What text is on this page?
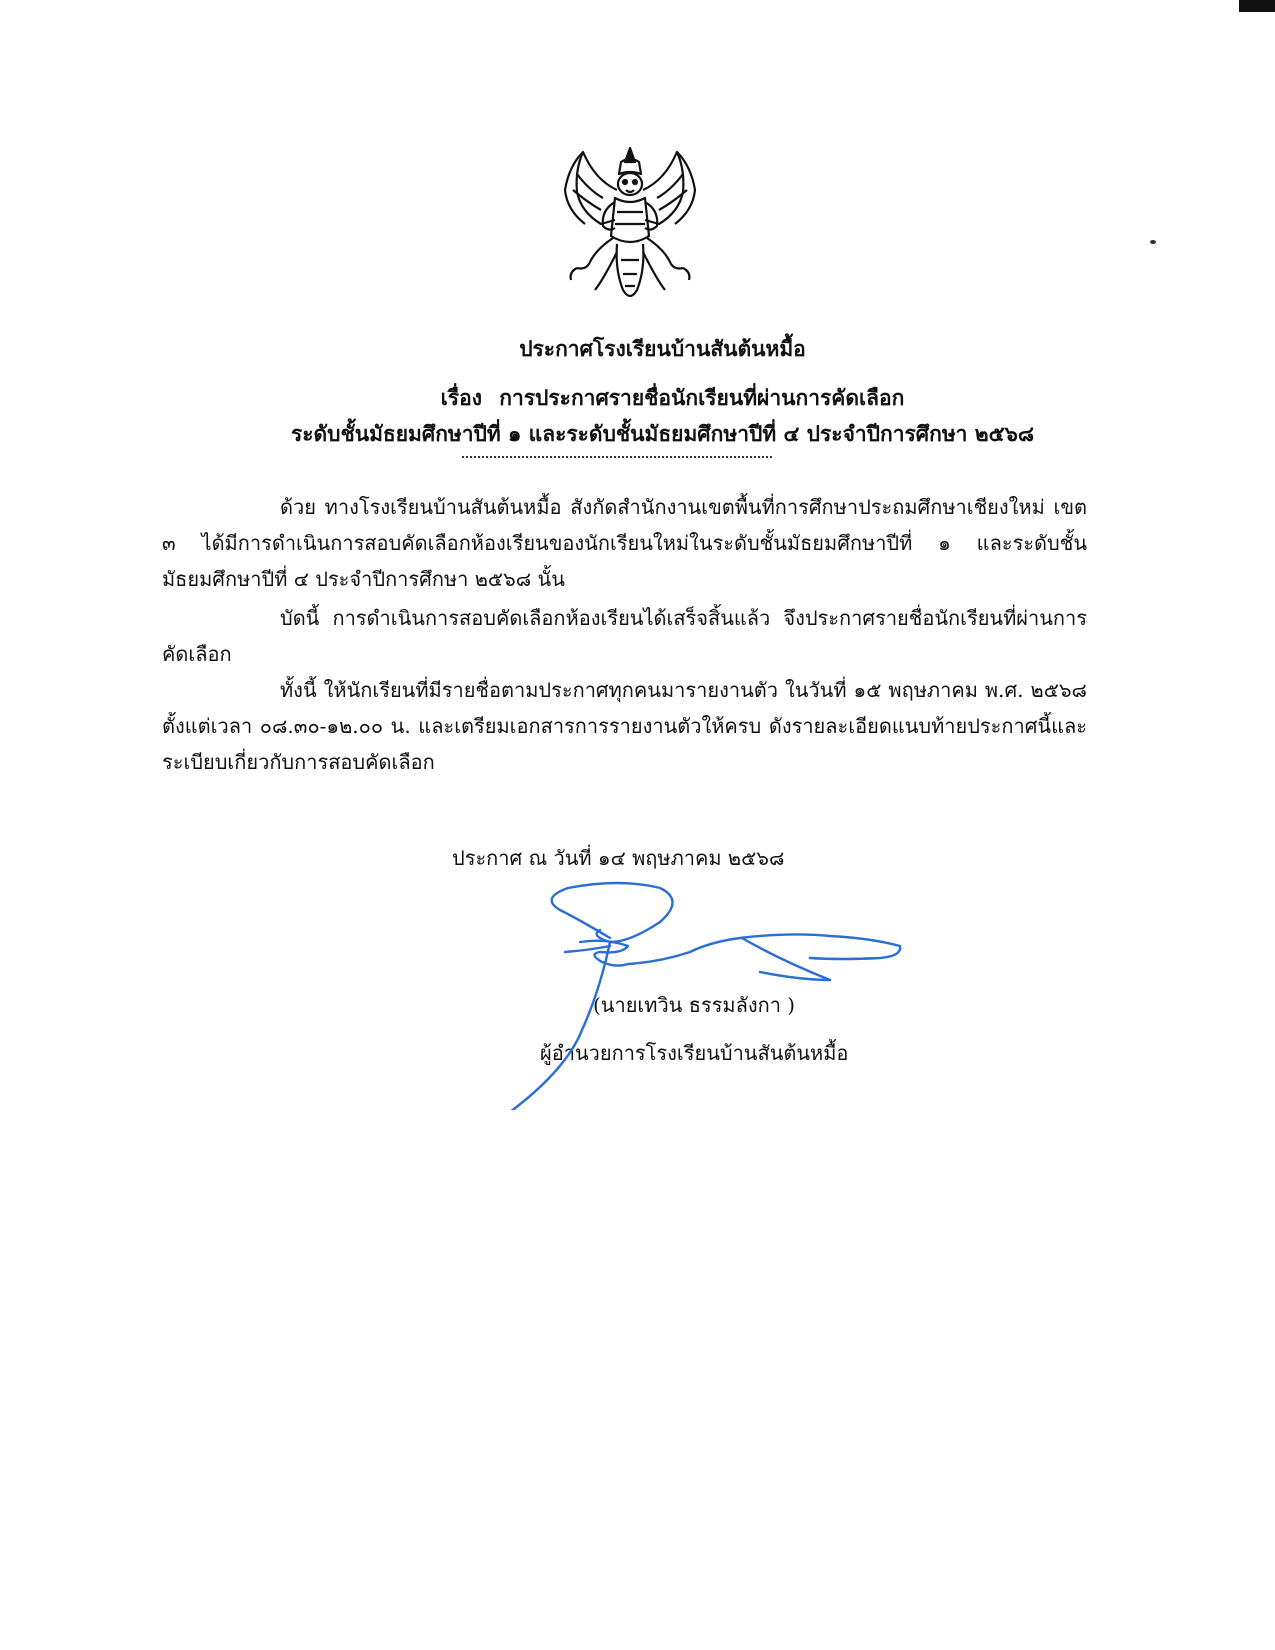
ประกาศโรงเรียนบ้านสันต้นหมื้อ
เรื่อง การประกาศรายชื่อนักเรียนที่ผ่านการคัดเลือก
ระดับชั้นมัธยมศึกษาปีที่ ๑ และระดับชั้นมัธยมศึกษาปีที่ ๔ ประจำปีการศึกษา ๒๕๖๘
ด้วย ทางโรงเรียนบ้านสันต้นหมื้อ สังกัดสำนักงานเขตพื้นที่การศึกษาประถมศึกษาเชียงใหม่ เขต ๓ ได้มีการดำเนินการสอบคัดเลือกห้องเรียนของนักเรียนใหม่ในระดับชั้นมัธยมศึกษาปีที่ ๑ และระดับชั้นมัธยมศึกษาปีที่ ๔ ประจำปีการศึกษา ๒๕๖๘ นั้น
บัดนี้ การดำเนินการสอบคัดเลือกห้องเรียนได้เสร็จสิ้นแล้ว จึงประกาศรายชื่อนักเรียนที่ผ่านการคัดเลือก
ทั้งนี้ ให้นักเรียนที่มีรายชื่อตามประกาศทุกคนมารายงานตัว ในวันที่ ๑๕ พฤษภาคม พ.ศ. ๒๕๖๘ ตั้งแต่เวลา ๐๘.๓๐-๑๒.๐๐ น. และเตรียมเอกสารการรายงานตัวให้ครบ ดังรายละเอียดแนบท้ายประกาศนี้และระเบียบเกี่ยวกับการสอบคัดเลือก
ประกาศ ณ วันที่ ๑๔ พฤษภาคม ๒๕๖๘
(นายเทวิน ธรรมลังกา )
ผู้อำนวยการโรงเรียนบ้านสันต้นหมื้อ
